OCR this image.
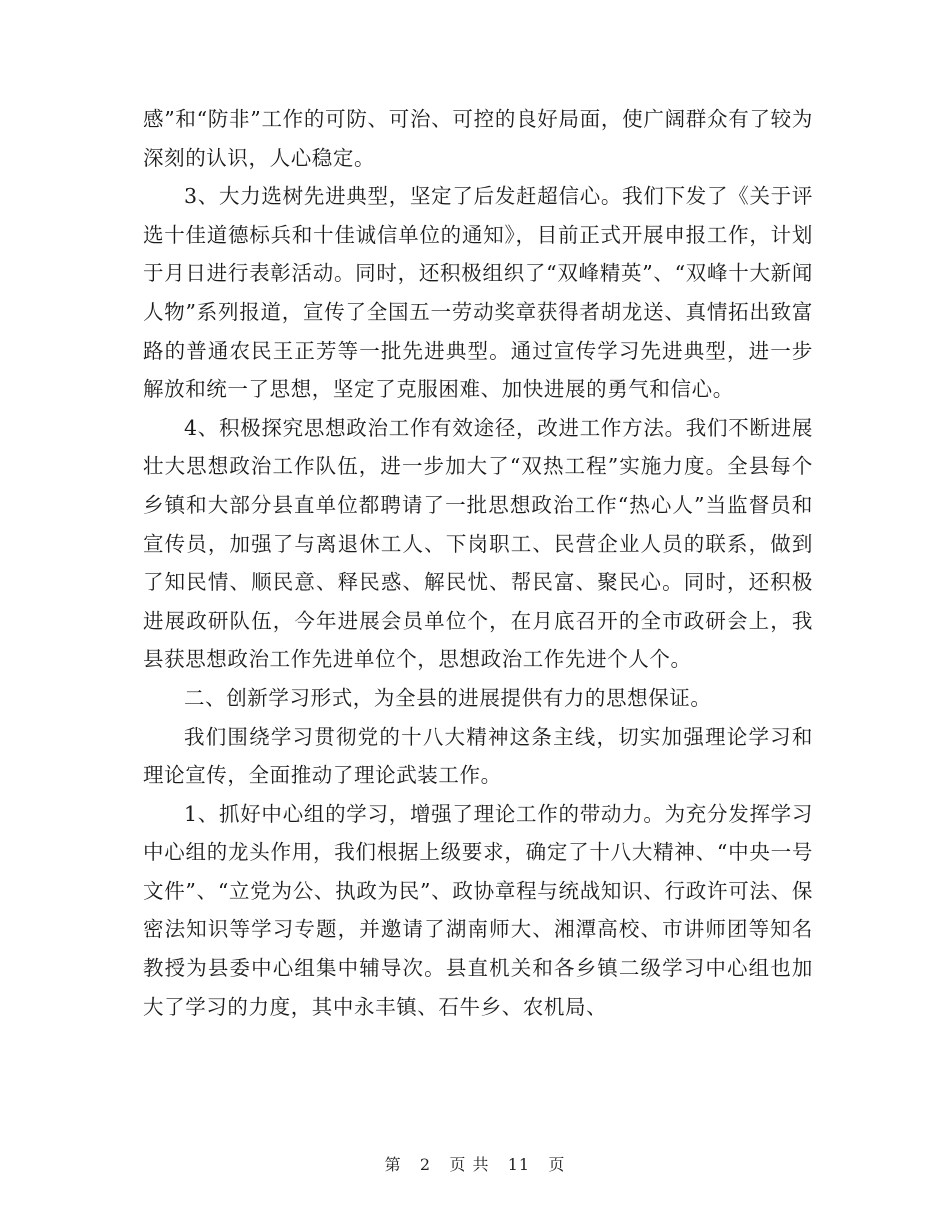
感”和“防非”工作的可防、可治、可控的良好局面，使广阔群众有了较为深刻的认识，人心稳定。

3、大力选树先进典型，坚定了后发赶超信心。我们下发了《关于评选十佳道德标兵和十佳诚信单位的通知》，目前正式开展申报工作，计划于月日进行表彰活动。同时，还积极组织了“双峰精英”、“双峰十大新闻人物”系列报道，宣传了全国五一劳动奖章获得者胡龙送、真情拓出致富路的普通农民王正芳等一批先进典型。通过宣传学习先进典型，进一步解放和统一了思想，坚定了克服困难、加快进展的勇气和信心。

4、积极探究思想政治工作有效途径，改进工作方法。我们不断进展壮大思想政治工作队伍，进一步加大了“双热工程”实施力度。全县每个乡镇和大部分县直单位都聘请了一批思想政治工作“热心人”当监督员和宣传员，加强了与离退休工人、下岗职工、民营企业人员的联系，做到了知民情、顺民意、释民惑、解民忧、帮民富、聚民心。同时，还积极进展政研队伍，今年进展会员单位个，在月底召开的全市政研会上，我县获思想政治工作先进单位个，思想政治工作先进个人个。

二、创新学习形式，为全县的进展提供有力的思想保证。

我们围绕学习贯彻党的十八大精神这条主线，切实加强理论学习和理论宣传，全面推动了理论武装工作。

1、抓好中心组的学习，增强了理论工作的带动力。为充分发挥学习中心组的龙头作用，我们根据上级要求，确定了十八大精神、“中央一号文件”、“立党为公、执政为民”、政协章程与统战知识、行政许可法、保密法知识等学习专题，并邀请了湖南师大、湘潭高校、市讲师团等知名教授为县委中心组集中辅导次。县直机关和各乡镇二级学习中心组也加大了学习的力度，其中永丰镇、石牛乡、农机局、

第 2 页 共 11 页
